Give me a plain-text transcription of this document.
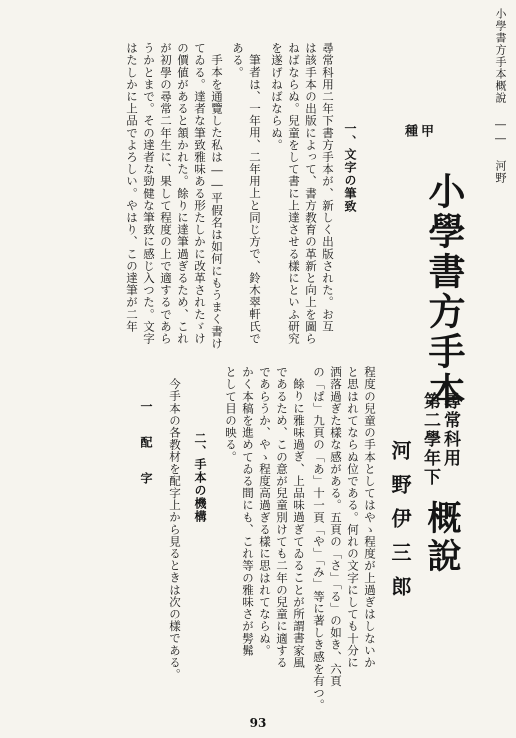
小學書方手本概說 ―― 河野
甲
種
小學書方手本
尋常科用
第二學年下
概說
河野伊三郎
一、文字の筆致
尋常科用二年下書方手本が、新しく出版された。お互
は該手本の出版によって、書方教育の革新と向上を圖ら
ねばならぬ。兒童をして書に上達させる樣にといふ研究
を遂げねばならぬ。
筆者は、一年用、二年用上と同じ方で、鈴木翠軒氏で
ある。
手本を通覽した私は――平假名は如何にもうまく書け
てゐる。達者な筆致雅味ある形たしかに改革されたゞけ
の價値があると頷かれた。餘りに達筆過ぎるため、これ
が初學の尋常二年生に、果して程度の上で適するであら
うかとまで。その達者な勁健な筆致に感じ入つた。文字
はたしかに上品でよろしい。やはり、この達筆が二年
程度の兒童の手本としてはやゝ程度が上過ぎはしないか
と思はれてならぬ位である。何れの文字にしても十分に
洒落過ぎた樣な感がある。五頁の「さ」「る」の如き、六頁
の「ぱ」九頁の「あ」十一頁「や」「み」等に著しき感を有つ。
餘りに雅味過ぎ、上品味過ぎてゐることが所謂書家風
であるため、この意が兒童別けても二年の兒童に適する
であらうか、やゝ程度高過ぎる樣に思はれてならぬ。
かく本稿を進めてゐる間にも、これ等の雅味さが髣髴
として目の映る。
二、手本の機構
今手本の各教材を配字上から見るときは次の樣である。
一　配　字
93
